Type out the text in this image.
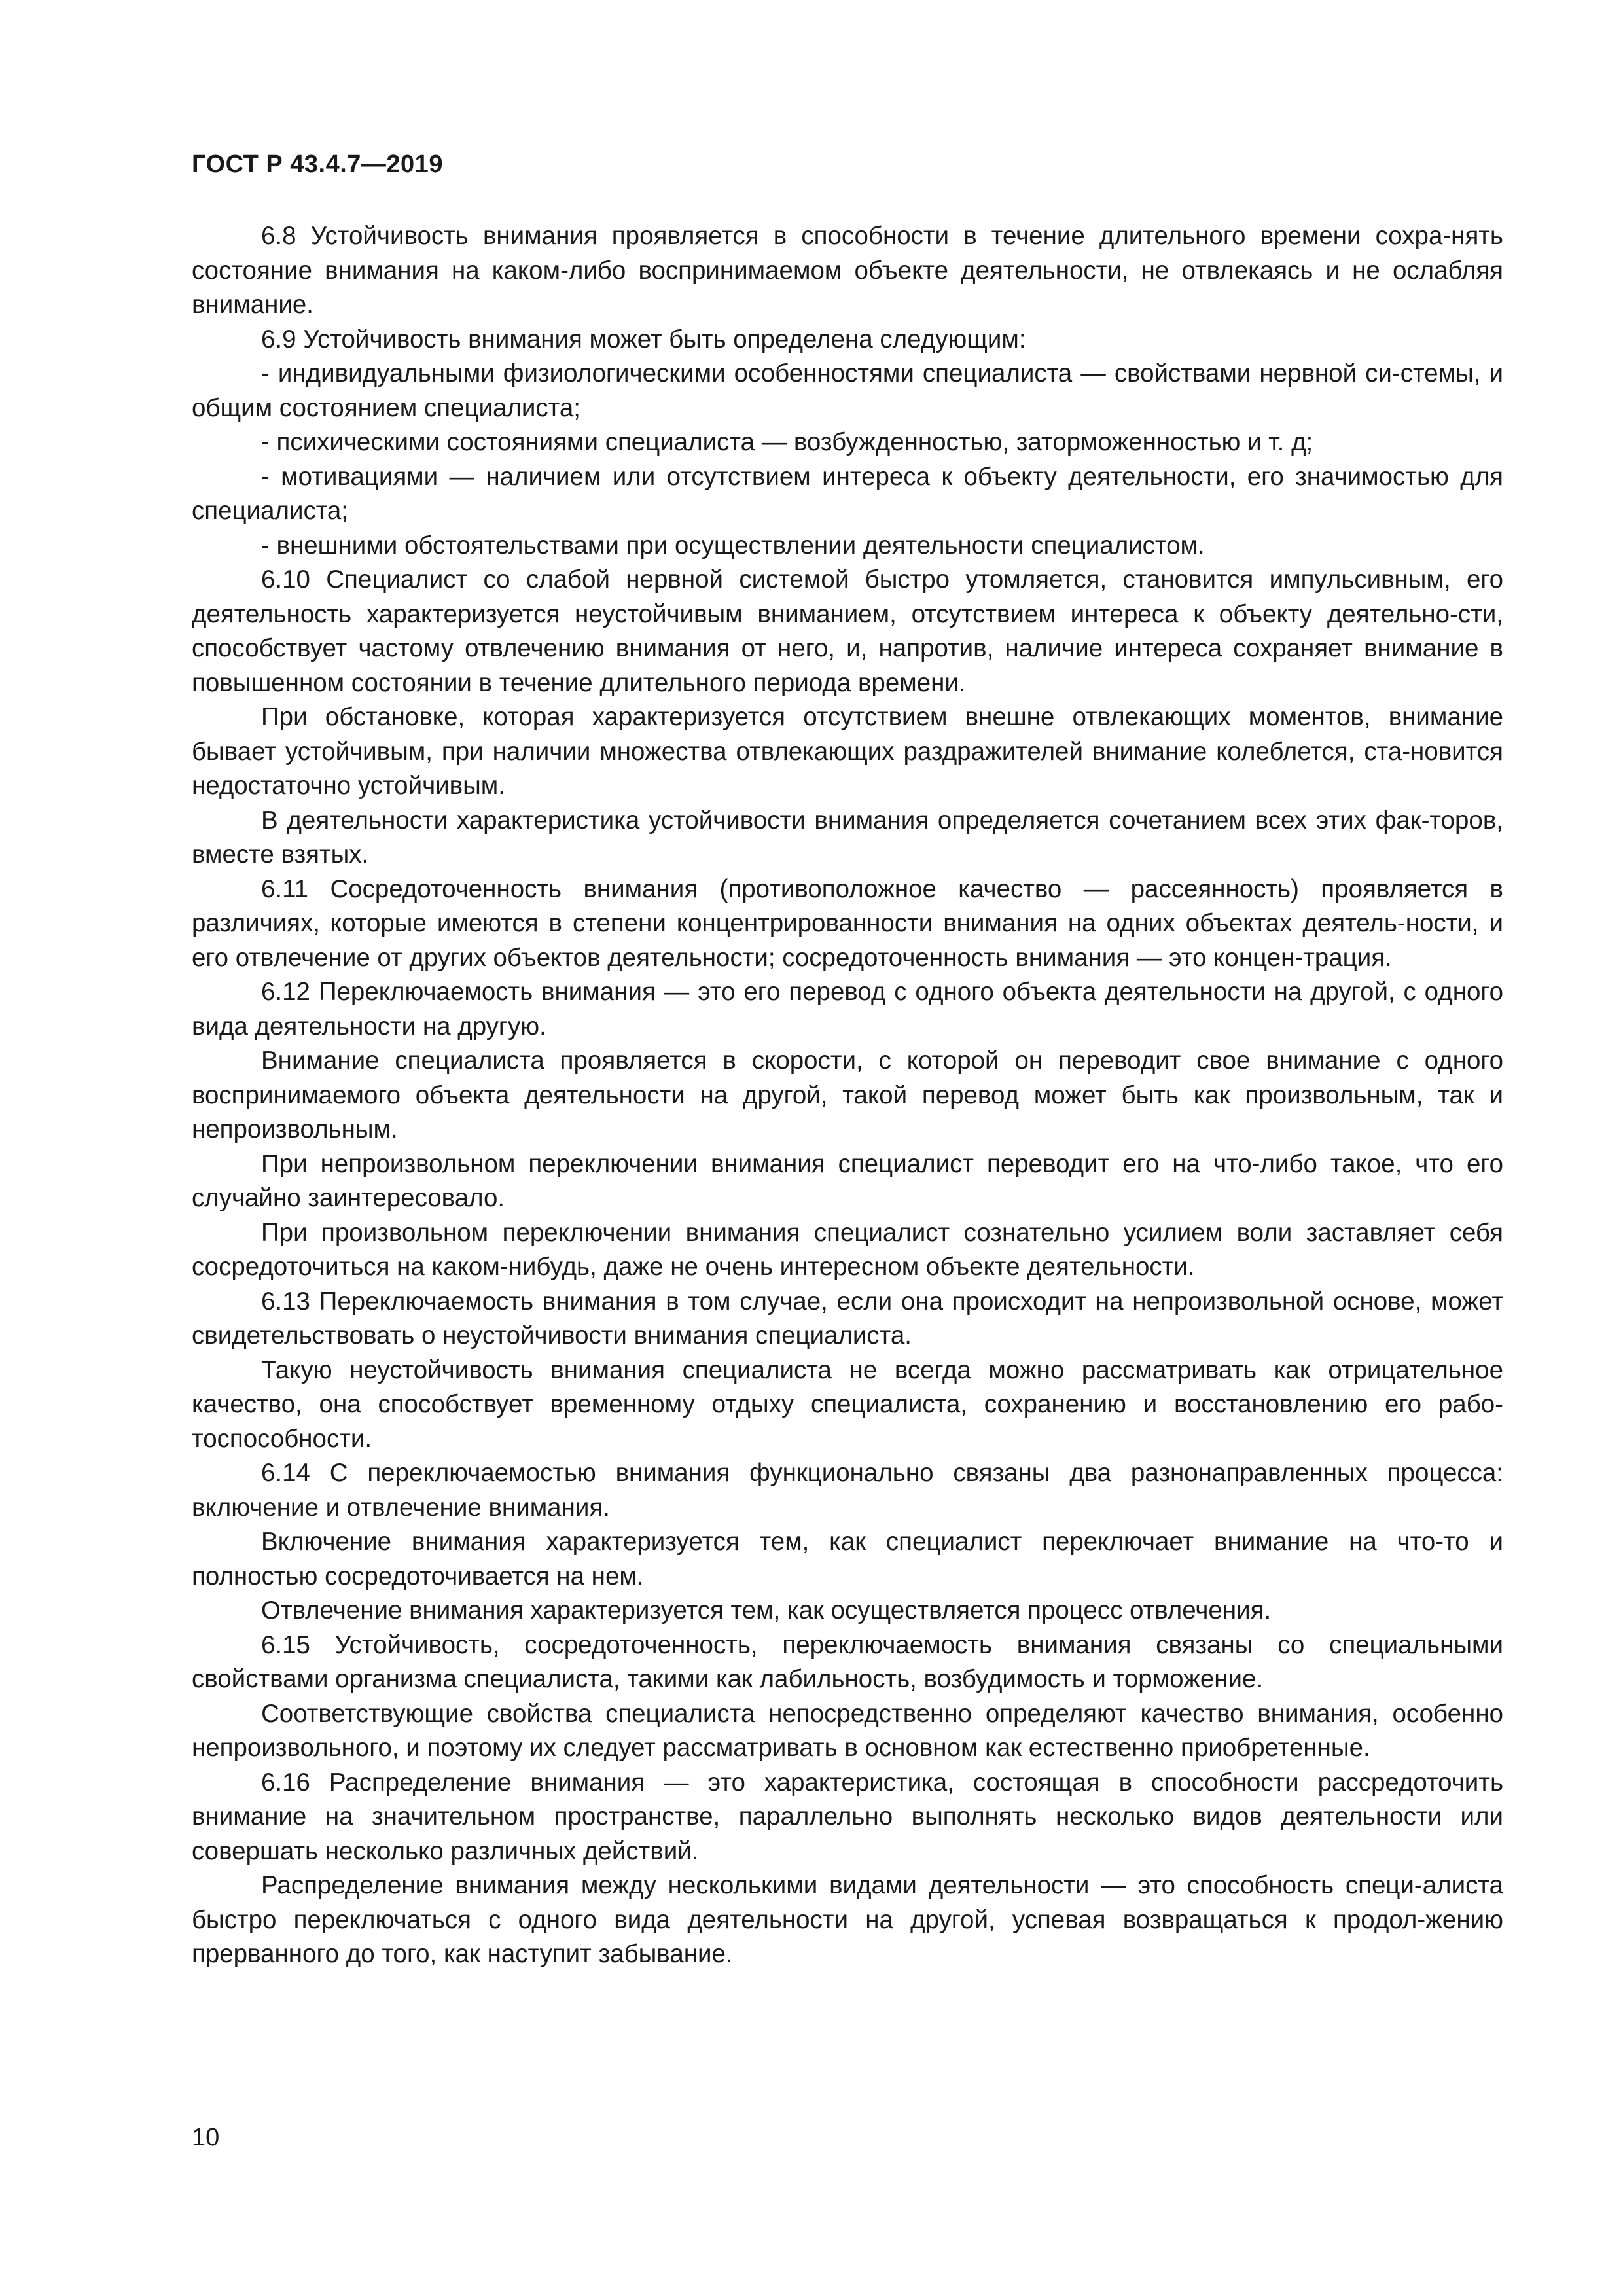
ГОСТ Р 43.4.7—2019

6.8 Устойчивость внимания проявляется в способности в течение длительного времени сохра-нять состояние внимания на каком-либо воспринимаемом объекте деятельности, не отвлекаясь и не ослабляя внимание.

6.9 Устойчивость внимания может быть определена следующим:

- индивидуальными физиологическими особенностями специалиста — свойствами нервной си-стемы, и общим состоянием специалиста;

- психическими состояниями специалиста — возбужденностью, заторможенностью и т. д;

- мотивациями — наличием или отсутствием интереса к объекту деятельности, его значимостью для специалиста;

- внешними обстоятельствами при осуществлении деятельности специалистом.

6.10 Специалист со слабой нервной системой быстро утомляется, становится импульсивным, его деятельность характеризуется неустойчивым вниманием, отсутствием интереса к объекту деятельно-сти, способствует частому отвлечению внимания от него, и, напротив, наличие интереса сохраняет внимание в повышенном состоянии в течение длительного периода времени.

При обстановке, которая характеризуется отсутствием внешне отвлекающих моментов, внимание бывает устойчивым, при наличии множества отвлекающих раздражителей внимание колеблется, ста-новится недостаточно устойчивым.

В деятельности характеристика устойчивости внимания определяется сочетанием всех этих фак-торов, вместе взятых.

6.11 Сосредоточенность внимания (противоположное качество — рассеянность) проявляется в различиях, которые имеются в степени концентрированности внимания на одних объектах деятель-ности, и его отвлечение от других объектов деятельности; сосредоточенность внимания — это концен-трация.

6.12 Переключаемость внимания — это его перевод с одного объекта деятельности на другой, с одного вида деятельности на другую.

Внимание специалиста проявляется в скорости, с которой он переводит свое внимание с одного воспринимаемого объекта деятельности на другой, такой перевод может быть как произвольным, так и непроизвольным.

При непроизвольном переключении внимания специалист переводит его на что-либо такое, что его случайно заинтересовало.

При произвольном переключении внимания специалист сознательно усилием воли заставляет себя сосредоточиться на каком-нибудь, даже не очень интересном объекте деятельности.

6.13 Переключаемость внимания в том случае, если она происходит на непроизвольной основе, может свидетельствовать о неустойчивости внимания специалиста.

Такую неустойчивость внимания специалиста не всегда можно рассматривать как отрицательное качество, она способствует временному отдыху специалиста, сохранению и восстановлению его рабо-тоспособности.

6.14 С переключаемостью внимания функционально связаны два разнонаправленных процесса: включение и отвлечение внимания.

Включение внимания характеризуется тем, как специалист переключает внимание на что-то и полностью сосредоточивается на нем.

Отвлечение внимания характеризуется тем, как осуществляется процесс отвлечения.

6.15 Устойчивость, сосредоточенность, переключаемость внимания связаны со специальными свойствами организма специалиста, такими как лабильность, возбудимость и торможение.

Соответствующие свойства специалиста непосредственно определяют качество внимания, особенно непроизвольного, и поэтому их следует рассматривать в основном как естественно приобретенные.

6.16 Распределение внимания — это характеристика, состоящая в способности рассредоточить внимание на значительном пространстве, параллельно выполнять несколько видов деятельности или совершать несколько различных действий.

Распределение внимания между несколькими видами деятельности — это способность специ-алиста быстро переключаться с одного вида деятельности на другой, успевая возвращаться к продол-жению прерванного до того, как наступит забывание.

10
